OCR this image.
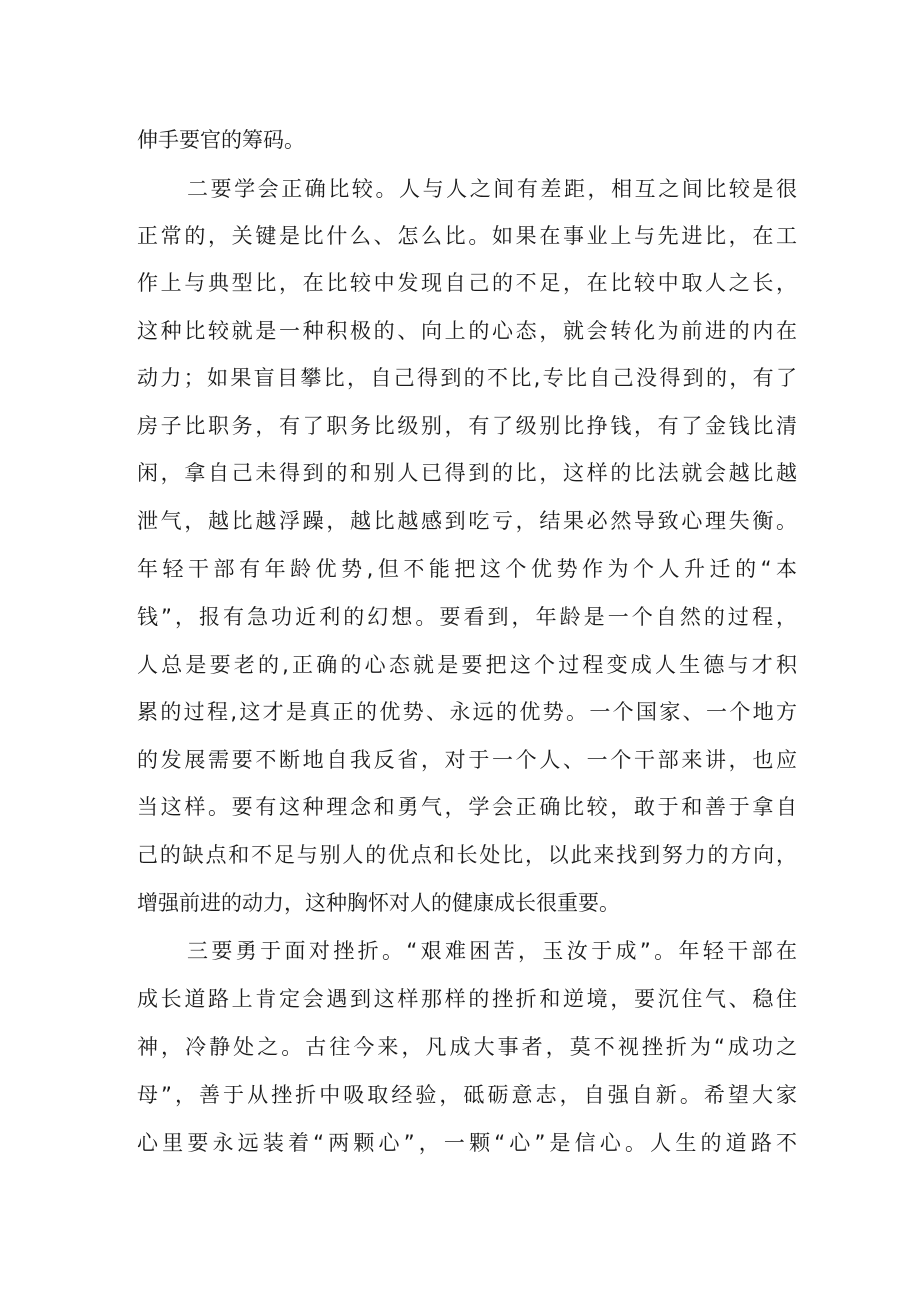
伸手要官的筹码。
二要学会正确比较。人与人之间有差距，相互之间比较是很
正常的，关键是比什么、怎么比。如果在事业上与先进比，在工
作上与典型比，在比较中发现自己的不足，在比较中取人之长，
这种比较就是一种积极的、向上的心态，就会转化为前进的内在
动力；如果盲目攀比，自己得到的不比,专比自己没得到的，有了
房子比职务，有了职务比级别，有了级别比挣钱，有了金钱比清
闲，拿自己未得到的和别人已得到的比，这样的比法就会越比越
泄气，越比越浮躁，越比越感到吃亏，结果必然导致心理失衡。
年轻干部有年龄优势,但不能把这个优势作为个人升迁的“本
钱”，报有急功近利的幻想。要看到，年龄是一个自然的过程，
人总是要老的,正确的心态就是要把这个过程变成人生德与才积
累的过程,这才是真正的优势、永远的优势。一个国家、一个地方
的发展需要不断地自我反省，对于一个人、一个干部来讲，也应
当这样。要有这种理念和勇气，学会正确比较，敢于和善于拿自
己的缺点和不足与别人的优点和长处比，以此来找到努力的方向，
增强前进的动力，这种胸怀对人的健康成长很重要。
三要勇于面对挫折。“艰难困苦，玉汝于成”。年轻干部在
成长道路上肯定会遇到这样那样的挫折和逆境，要沉住气、稳住
神，冷静处之。古往今来，凡成大事者，莫不视挫折为“成功之
母”，善于从挫折中吸取经验，砥砺意志，自强自新。希望大家
心里要永远装着“两颗心”，一颗“心”是信心。人生的道路不
